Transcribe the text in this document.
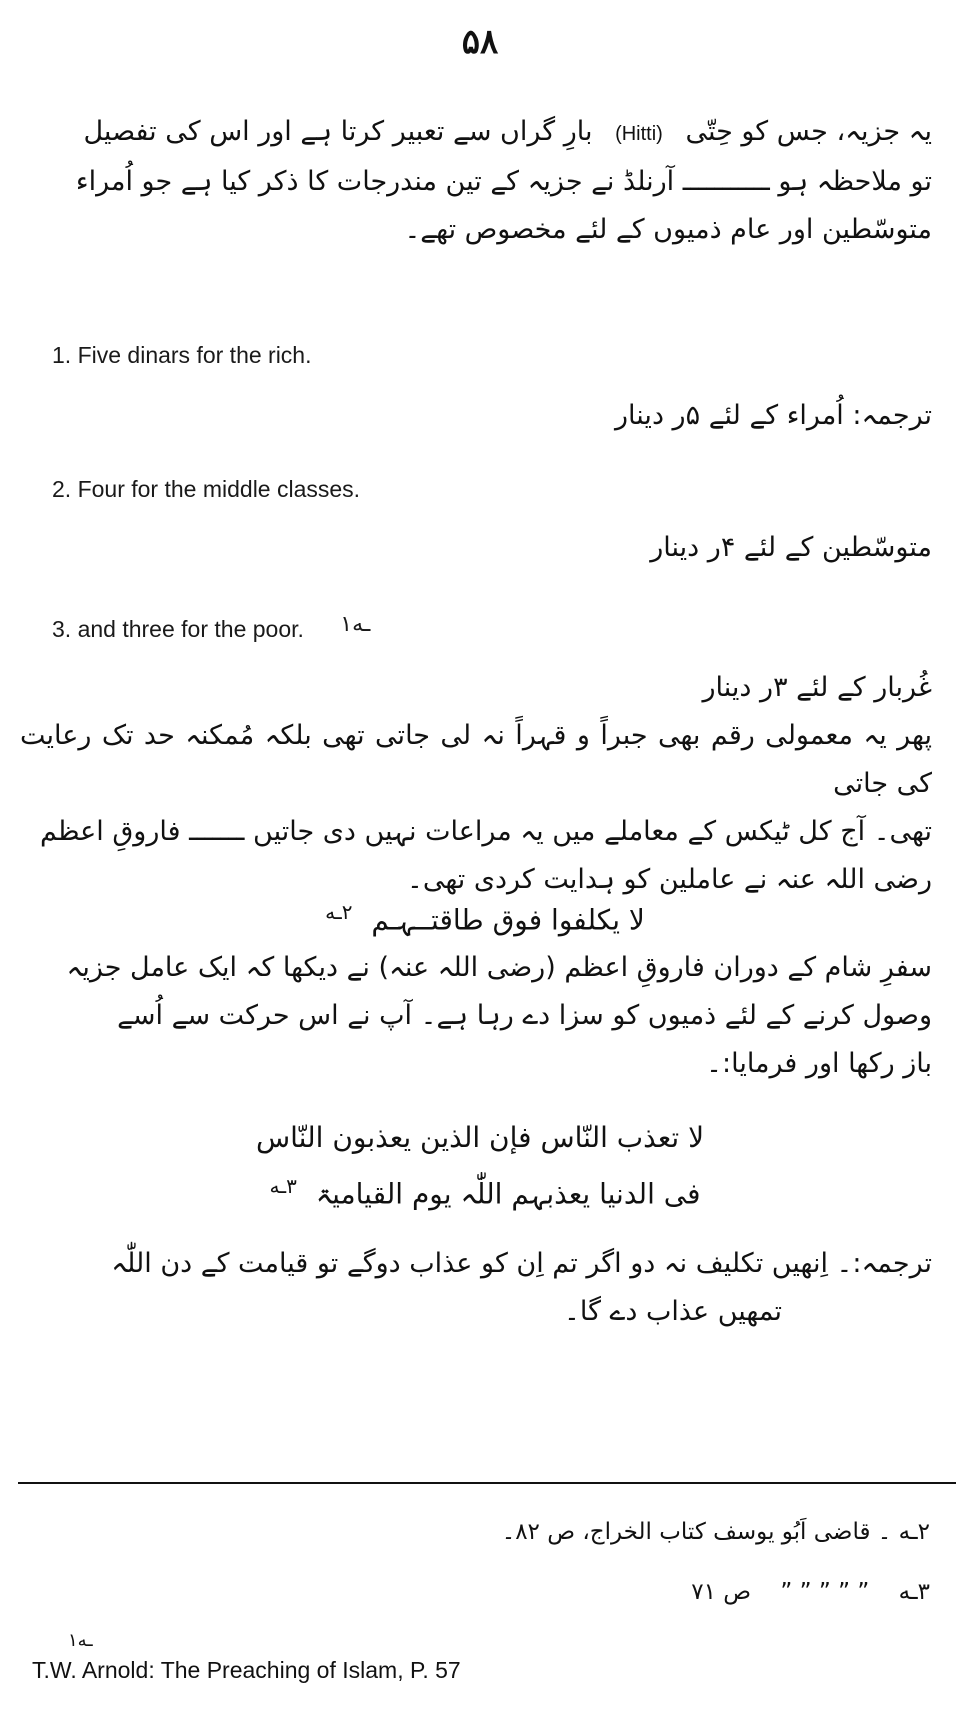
۵۸
یہ جزیہ، جس کو حِتّی (Hitti) بارِ گراں سے تعبیر کرتا ہے اور اس کی تفصیل
تو ملاحظہ ہو ـــــــــــ آرنلڈ نے جزیہ کے تین مندرجات کا ذکر کیا ہے جو اُمراء
متوسّطین اور عام ذمیوں کے لئے مخصوص تھے۔
1. Five dinars for the rich.
ترجمہ: اُمراء کے لئے ۵ر دینار
2. Four for the middle classes.
متوسّطین کے لئے ۴ر دینار
3. and three for the poor. ۱ـه
غُربار کے لئے ۳ر دینار
پھر یہ معمولی رقم بھی جبراً و قہراً نہ لی جاتی تھی بلکہ مُمکنہ حد تک رعایت کی جاتی
تھی۔ آج کل ٹیکس کے معاملے میں یہ مراعات نہیں دی جاتیں ـــــــ فاروقِ اعظم
رضی اللہ عنہ نے عاملین کو ہدایت کردی تھی۔
لا یکلفوا فوق طاقتــہـم $^{۲ـه}$
سفرِ شام کے دوران فاروقِ اعظم (رضی اللہ عنہ) نے دیکھا کہ ایک عامل جزیہ
وصول کرنے کے لئے ذمیوں کو سزا دے رہا ہے۔ آپ نے اس حرکت سے اُسے
باز رکھا اور فرمایا:۔
لا تعذب النّاس فإن الذین یعذبون النّاس
فی الدنیا یعذبہم اللّٰہ یوم القیامیۃ $^{۳ـه}$
ترجمہ:۔ اِنھیں تکلیف نہ دو اگر تم اِن کو عذاب دوگے تو قیامت کے دن اللّٰہ
تمھیں عذاب دے گا۔
۲ـه ۔ قاضی اَبُو یوسف کتاب الخراج، ص ۸۲۔
۳ـه ” ” ” ” ” ص ۷۱
۱ـه
T.W. Arnold: The Preaching of Islam, P. 57
